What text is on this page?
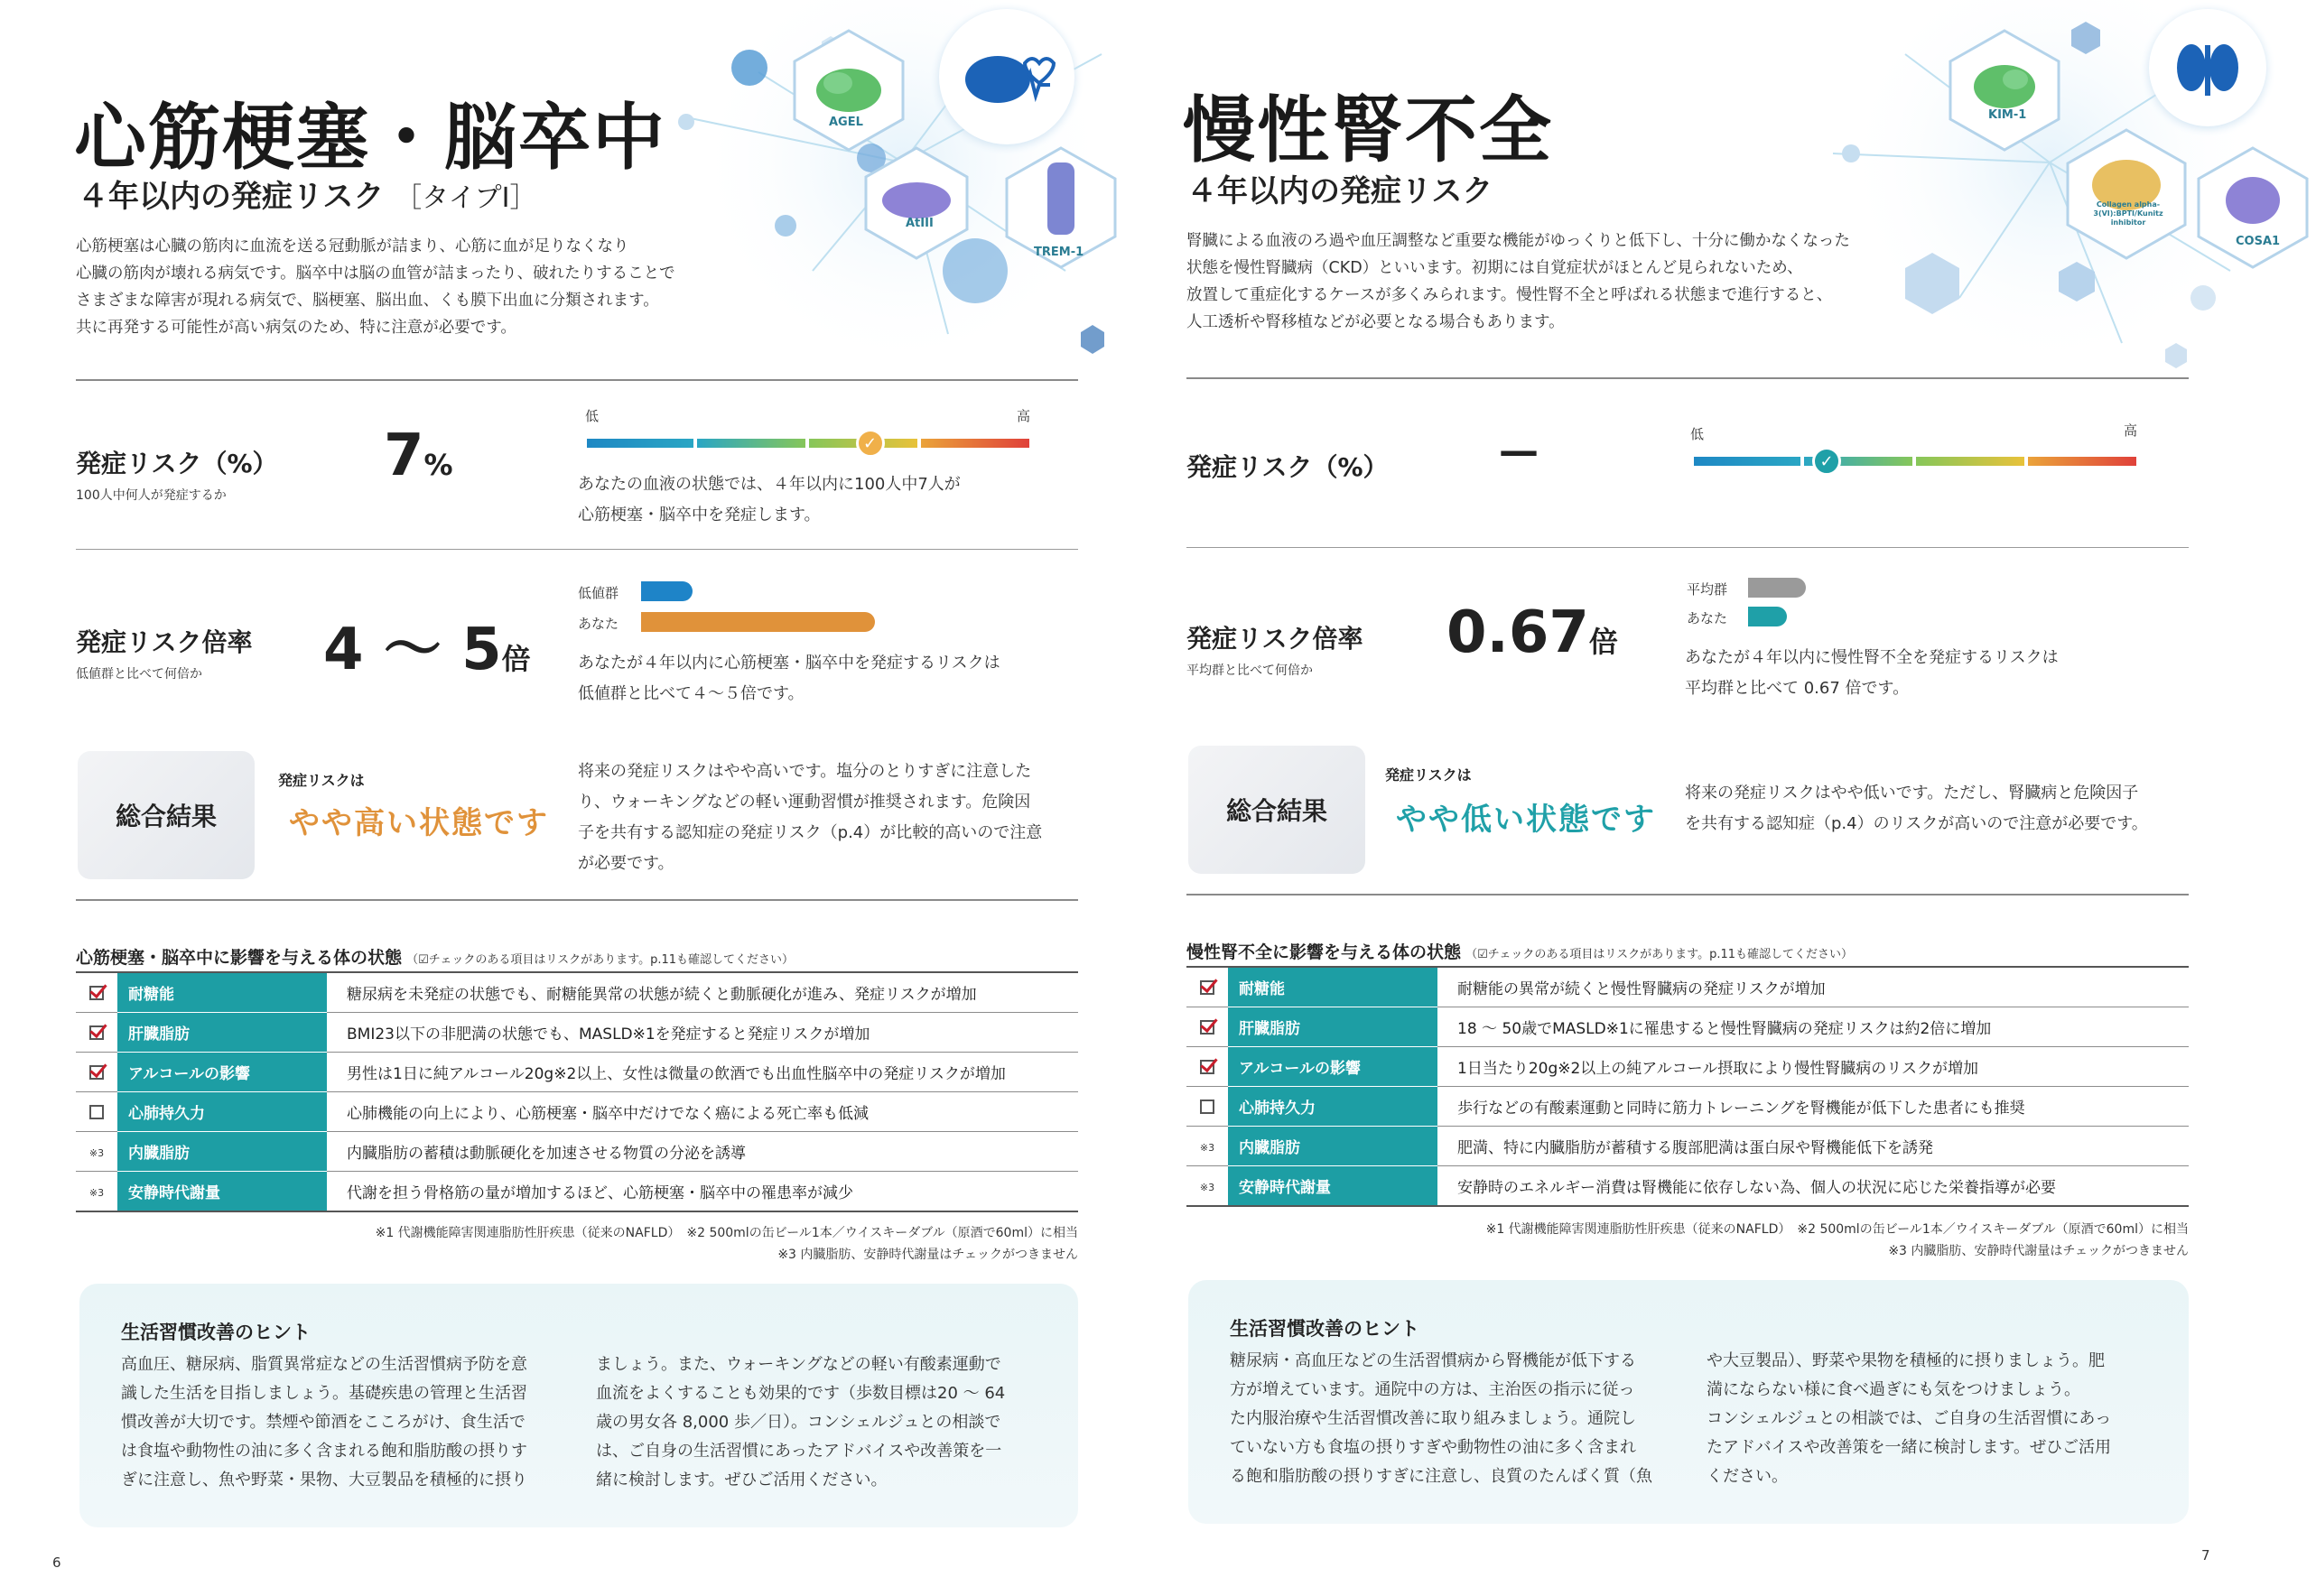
AGEL
AtIII
TREM-1
心筋梗塞・脳卒中
４年以内の発症リスク ［タイプⅠ］
心筋梗塞は心臓の筋肉に血流を送る冠動脈が詰まり、心筋に血が足りなくなり
心臓の筋肉が壊れる病気です。脳卒中は脳の血管が詰まったり、破れたりすることで
さまざまな障害が現れる病気で、脳梗塞、脳出血、くも膜下出血に分類されます。
共に再発する可能性が高い病気のため、特に注意が必要です。
発症リスク（%）
100人中何人が発症するか
7%
低	高
✓
あなたの血液の状態では、４年以内に100人中7人が
心筋梗塞・脳卒中を発症します。
発症リスク倍率
低値群と比べて何倍か 4 〜 5倍
低値群
あなた
あなたが４年以内に心筋梗塞・脳卒中を発症するリスクは
低値群と比べて４〜５倍です。
総合結果
発症リスクは
やや高い状態です
将来の発症リスクはやや高いです。塩分のとりすぎに注意した
り、ウォーキングなどの軽い運動習慣が推奨されます。危険因
子を共有する認知症の発症リスク（p.4）が比較的高いので注意
が必要です。
心筋梗塞・脳卒中に影響を与える体の状態 （☑チェックのある項目はリスクがあります。p.11も確認してください）
	耐糖能	糖尿病を未発症の状態でも、耐糖能異常の状態が続くと動脈硬化が進み、発症リスクが増加
	肝臓脂肪	BMI23以下の非肥満の状態でも、MASLD※1を発症すると発症リスクが増加
	アルコールの影響	男性は1日に純アルコール20g※2以上、女性は微量の飲酒でも出血性脳卒中の発症リスクが増加
	心肺持久力	心肺機能の向上により、心筋梗塞・脳卒中だけでなく癌による死亡率も低減
※3	内臓脂肪	内臓脂肪の蓄積は動脈硬化を加速させる物質の分泌を誘導
※3	安静時代謝量	代謝を担う骨格筋の量が増加するほど、心筋梗塞・脳卒中の罹患率が減少
※1 代謝機能障害関連脂肪性肝疾患（従来のNAFLD）　※2 500mlの缶ビール1本／ウイスキーダブル（原酒で60ml）に相当
※3 内臓脂肪、安静時代謝量はチェックがつきません
生活習慣改善のヒント
高血圧、糖尿病、脂質異常症などの生活習慣病予防を意
識した生活を目指しましょう。基礎疾患の管理と生活習
慣改善が大切です。禁煙や節酒をこころがけ、食生活で
は食塩や動物性の油に多く含まれる飽和脂肪酸の摂りす
ぎに注意し、魚や野菜・果物、大豆製品を積極的に摂り
ましょう。また、ウォーキングなどの軽い有酸素運動で
血流をよくすることも効果的です（歩数目標は20 〜 64
歳の男女各 8,000 歩／日）。コンシェルジュとの相談で
は、ご自身の生活習慣にあったアドバイスや改善策を一
緒に検討します。ぜひご活用ください。
6
KIM-1
Collagen alpha-3(VI):BPTI/Kunitz inhibitor
COSA1
慢性腎不全
４年以内の発症リスク
腎臓による血液のろ過や血圧調整など重要な機能がゆっくりと低下し、十分に働かなくなった
状態を慢性腎臓病（CKD）といいます。初期には自覚症状がほとんど見られないため、
放置して重症化するケースが多くみられます。慢性腎不全と呼ばれる状態まで進行すると、
人工透析や腎移植などが必要となる場合もあります。
発症リスク（%）	—	低	高
✓
発症リスク倍率
平均群と比べて何倍か
0.67倍
平均群
あなた
あなたが４年以内に慢性腎不全を発症するリスクは
平均群と比べて 0.67 倍です。
総合結果
発症リスクは
やや低い状態です
将来の発症リスクはやや低いです。ただし、腎臓病と危険因子
を共有する認知症（p.4）のリスクが高いので注意が必要です。
慢性腎不全に影響を与える体の状態 （☑チェックのある項目はリスクがあります。p.11も確認してください）
	耐糖能	耐糖能の異常が続くと慢性腎臓病の発症リスクが増加
	肝臓脂肪	18 〜 50歳でMASLD※1に罹患すると慢性腎臓病の発症リスクは約2倍に増加
	アルコールの影響	1日当たり20g※2以上の純アルコール摂取により慢性腎臓病のリスクが増加
	心肺持久力	歩行などの有酸素運動と同時に筋力トレーニングを腎機能が低下した患者にも推奨
※3	内臓脂肪	肥満、特に内臓脂肪が蓄積する腹部肥満は蛋白尿や腎機能低下を誘発
※3	安静時代謝量	安静時のエネルギー消費は腎機能に依存しない為、個人の状況に応じた栄養指導が必要
※1 代謝機能障害関連脂肪性肝疾患（従来のNAFLD）　※2 500mlの缶ビール1本／ウイスキーダブル（原酒で60ml）に相当
※3 内臓脂肪、安静時代謝量はチェックがつきません
生活習慣改善のヒント
糖尿病・高血圧などの生活習慣病から腎機能が低下する
方が増えています。通院中の方は、主治医の指示に従っ
た内服治療や生活習慣改善に取り組みましょう。通院し
ていない方も食塩の摂りすぎや動物性の油に多く含まれ
る飽和脂肪酸の摂りすぎに注意し、良質のたんぱく質（魚
や大豆製品）、野菜や果物を積極的に摂りましょう。肥
満にならない様に食べ過ぎにも気をつけましょう。
コンシェルジュとの相談では、ご自身の生活習慣にあっ
たアドバイスや改善策を一緒に検討します。ぜひご活用
ください。
7
